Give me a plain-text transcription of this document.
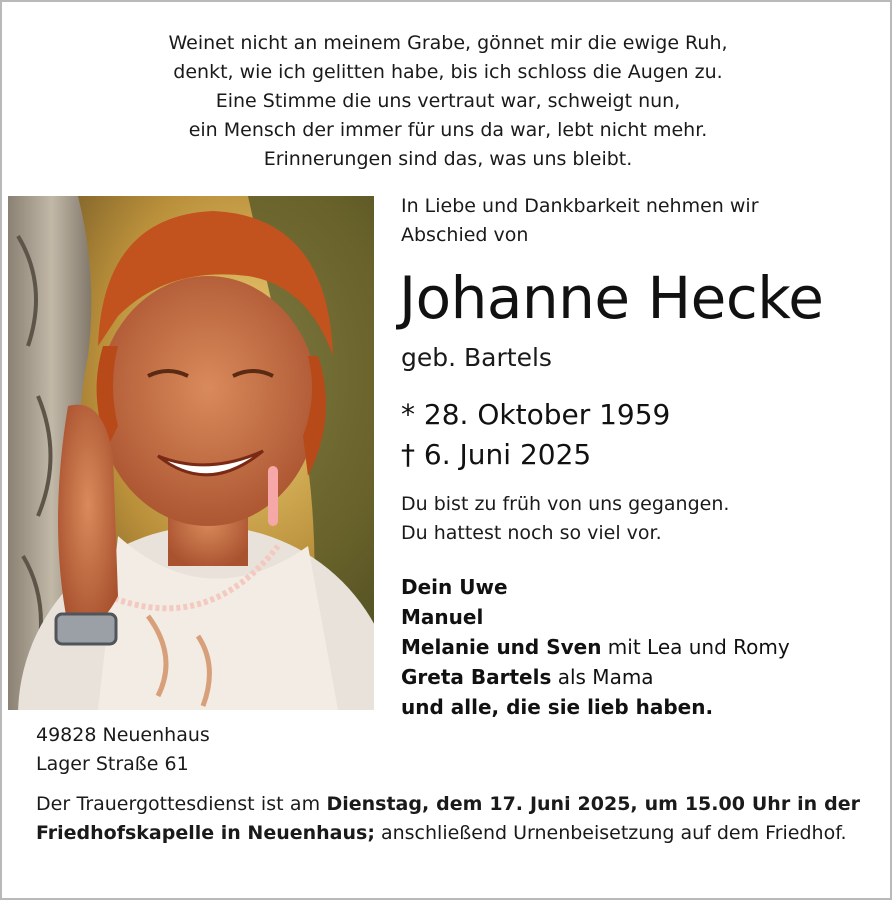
Weinet nicht an meinem Grabe, gönnet mir die ewige Ruh,
denkt, wie ich gelitten habe, bis ich schloss die Augen zu.
Eine Stimme die uns vertraut war, schweigt nun,
ein Mensch der immer für uns da war, lebt nicht mehr.
Erinnerungen sind das, was uns bleibt.
In Liebe und Dankbarkeit nehmen wir
Abschied von
Johanne Hecke
geb. Bartels
* 28. Oktober 1959
† 6. Juni 2025
Du bist zu früh von uns gegangen.
Du hattest noch so viel vor.
Dein Uwe
Manuel
Melanie und Sven mit Lea und Romy
Greta Bartels als Mama
und alle, die sie lieb haben.
49828 Neuenhaus
Lager Straße 61
Der Trauergottesdienst ist am Dienstag, dem 17. Juni 2025, um 15.00 Uhr in der Friedhofskapelle in Neuenhaus; anschließend Urnenbeisetzung auf dem Friedhof.
